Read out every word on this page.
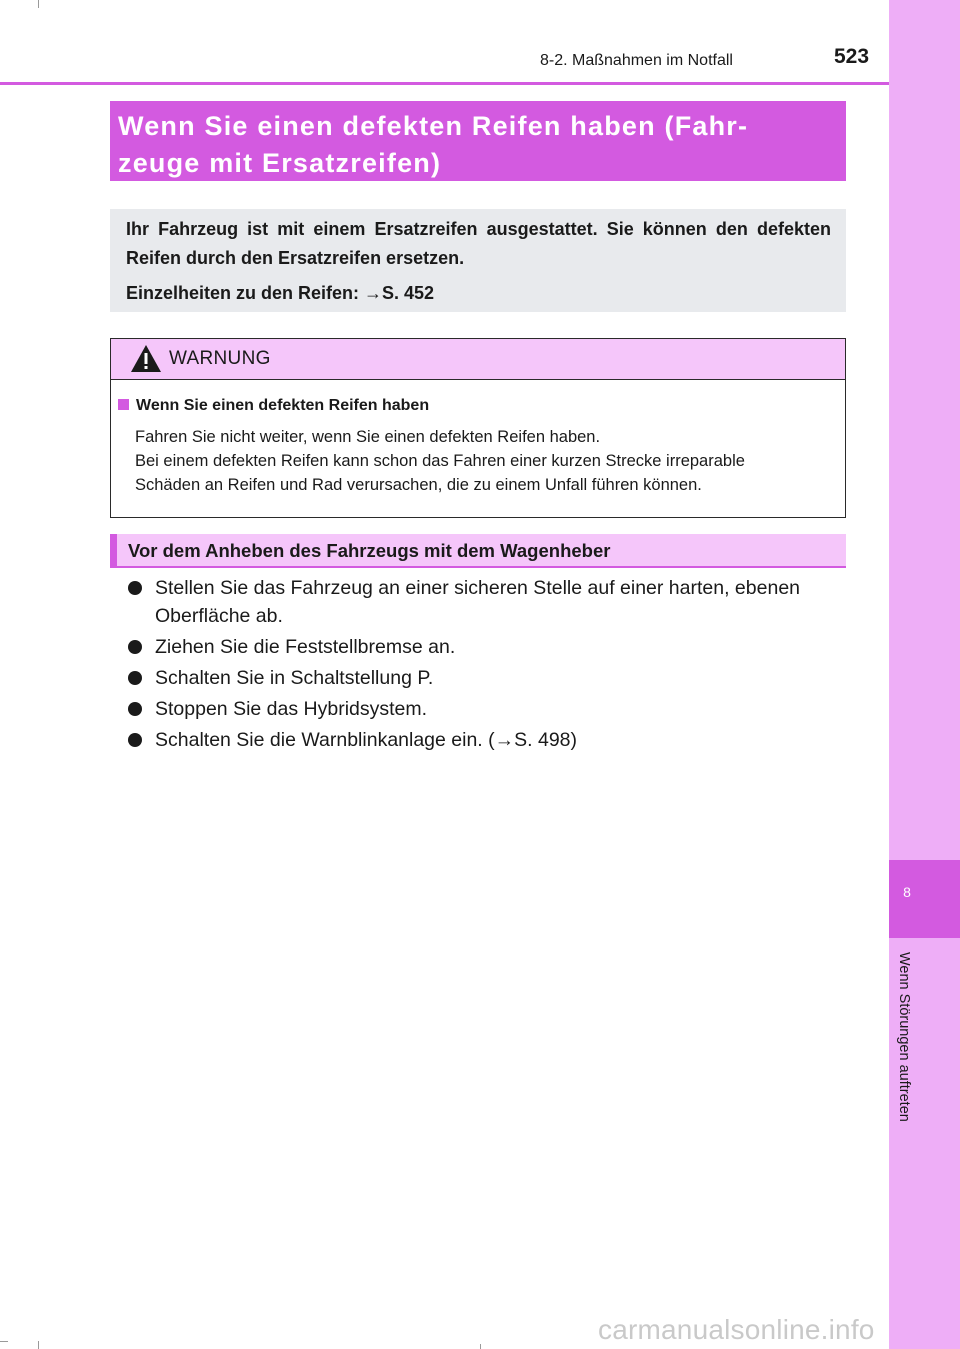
8-2. Maßnahmen im Notfall	523
8
Wenn Störungen auftreten
Wenn Sie einen defekten Reifen haben (Fahr-
zeuge mit Ersatzreifen)

Ihr Fahrzeug ist mit einem Ersatzreifen ausgestattet. Sie können den defekten Reifen durch den Ersatzreifen ersetzen.

Einzelheiten zu den Reifen: →S. 452

WARNUNG
Wenn Sie einen defekten Reifen haben

Fahren Sie nicht weiter, wenn Sie einen defekten Reifen haben.

Bei einem defekten Reifen kann schon das Fahren einer kurzen Strecke irreparable

Schäden an Reifen und Rad verursachen, die zu einem Unfall führen können.

Vor dem Anheben des Fahrzeugs mit dem Wagenheber
Stellen Sie das Fahrzeug an einer sicheren Stelle auf einer harten, ebenen Oberfläche ab.
Ziehen Sie die Feststellbremse an.
Schalten Sie in Schaltstellung P.
Stoppen Sie das Hybridsystem.
Schalten Sie die Warnblinkanlage ein. (→S. 498)
carmanualsonline.info
